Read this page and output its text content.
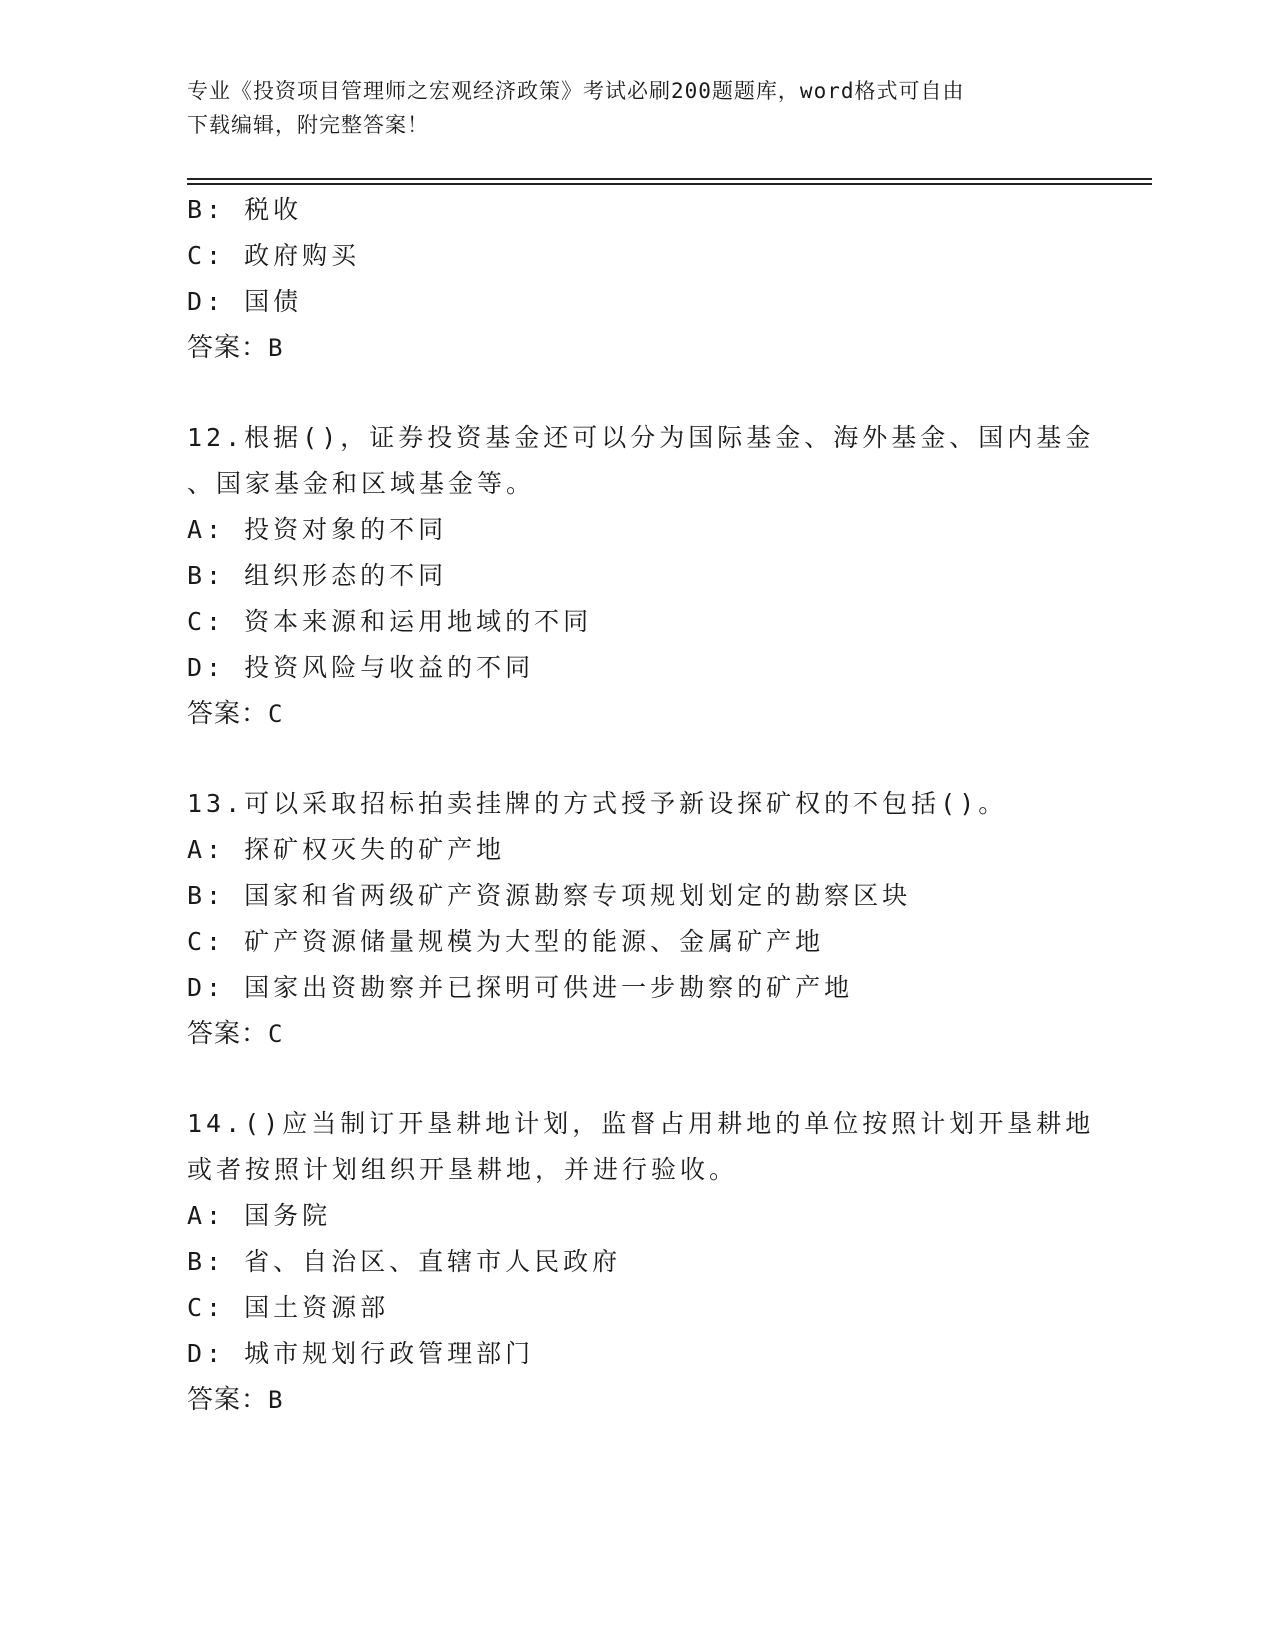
专业《投资项目管理师之宏观经济政策》考试必刷200题题库，word格式可自由
下载编辑，附完整答案！
B: 税收
C: 政府购买
D: 国债
答案：B
12.根据()，证券投资基金还可以分为国际基金、海外基金、国内基金
、国家基金和区域基金等。
A: 投资对象的不同
B: 组织形态的不同
C: 资本来源和运用地域的不同
D: 投资风险与收益的不同
答案：C
13.可以采取招标拍卖挂牌的方式授予新设探矿权的不包括()。
A: 探矿权灭失的矿产地
B: 国家和省两级矿产资源勘察专项规划划定的勘察区块
C: 矿产资源储量规模为大型的能源、金属矿产地
D: 国家出资勘察并已探明可供进一步勘察的矿产地
答案：C
14.()应当制订开垦耕地计划，监督占用耕地的单位按照计划开垦耕地
或者按照计划组织开垦耕地，并进行验收。
A: 国务院
B: 省、自治区、直辖市人民政府
C: 国土资源部
D: 城市规划行政管理部门
答案：B
